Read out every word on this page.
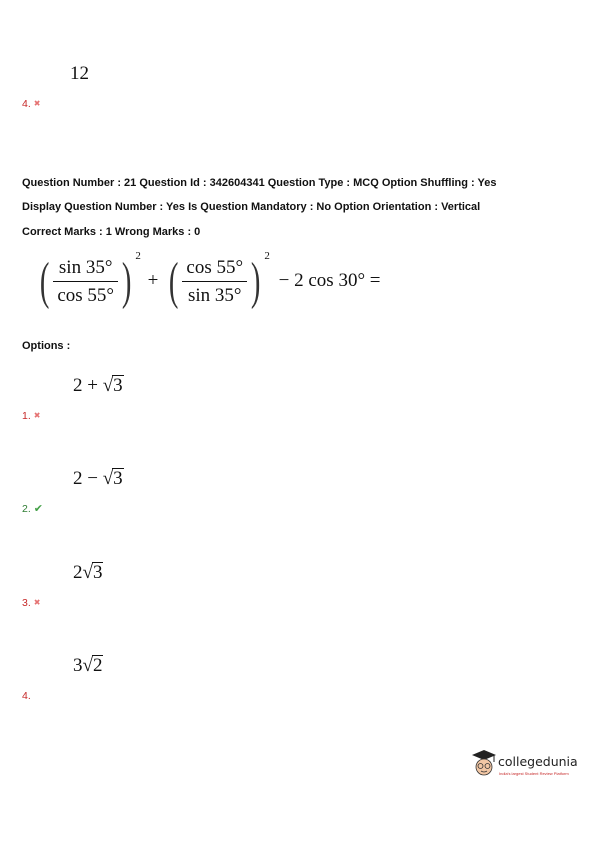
12
4. ✖
Question Number : 21 Question Id : 342604341 Question Type : MCQ Option Shuffling : Yes
Display Question Number : Yes Is Question Mandatory : No Option Orientation : Vertical
Correct Marks : 1 Wrong Marks : 0
( $\frac{\sin 35^\circ}{\cos 55^\circ}$ ) $^2$ + ( $\frac{\cos 55^\circ}{\sin 35^\circ}$ ) $^2$ − 2 cos 30° =
Options :
2 + √3
1. ✖
2 − √3
2. ✔
2√3
3. ✖
3√2
4.
collegedunia
India's largest Student Review Platform
